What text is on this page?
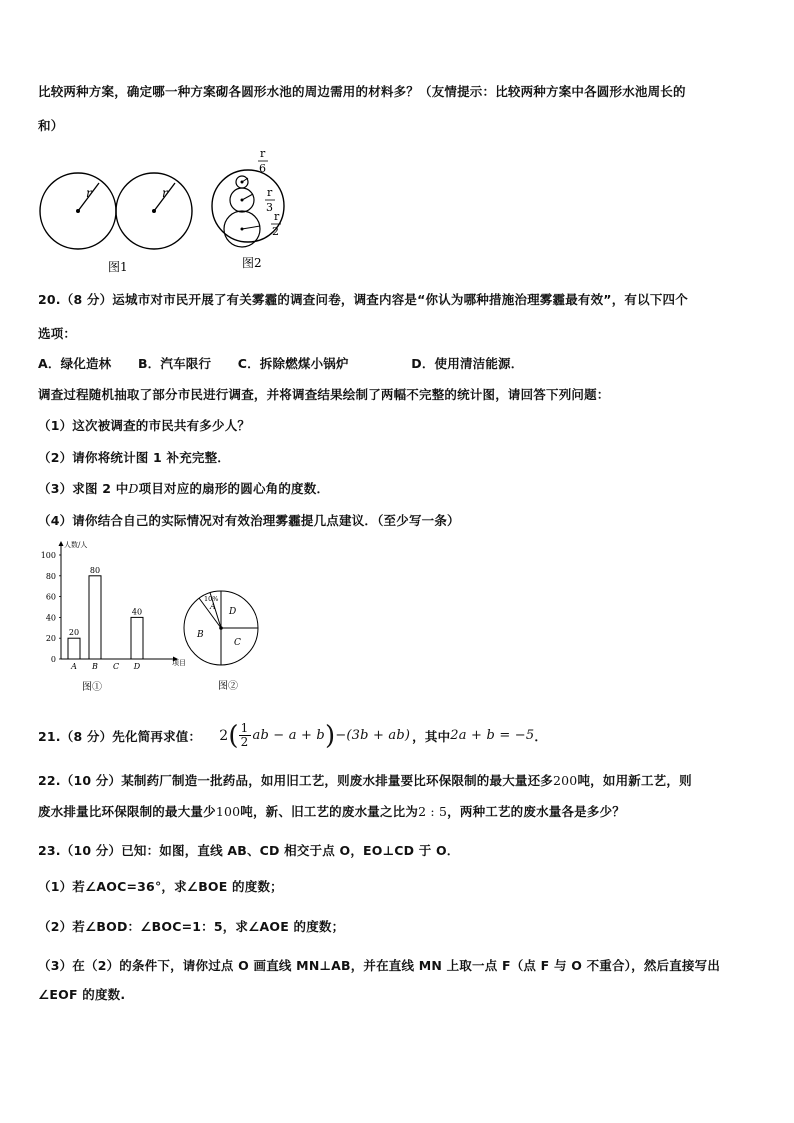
比较两种方案，确定哪一种方案砌各圆形水池的周边需用的材料多？（友情提示：比较两种方案中各圆形水池周长的
和）
r	r
图1
r
6
r
3
r
2
图2
20.（8 分）运城市对市民开展了有关雾霾的调查问卷，调查内容是“你认为哪种措施治理雾霾最有效”，有以下四个
选项：
A．绿化造林 B．汽车限行 C．拆除燃煤小锅炉	D．使用清洁能源．
调查过程随机抽取了部分市民进行调查，并将调查结果绘制了两幅不完整的统计图，请回答下列问题：
（1）这次被调查的市民共有多少人？
（2）请你将统计图 1 补充完整．
（3）求图 2 中D项目对应的扇形的圆心角的度数．
（4）请你结合自己的实际情况对有效治理雾霾提几点建议．（至少写一条）
人数/人
项目
0
20
40
60
80
100
A
20
B
80
C D
40
图①
10%
A
D
B
C
图②
21.（8 分）先化简再求值： 2 ( $\frac{1}{2}$ ab − a + b ) −(3b + ab) ，其中 2a + b = −5 ．
22.（10 分）某制药厂制造一批药品，如用旧工艺，则废水排量要比环保限制的最大量还多200吨，如用新工艺，则
废水排量比环保限制的最大量少100吨，新、旧工艺的废水量之比为2 : 5，两种工艺的废水量各是多少？
23.（10 分）已知：如图，直线 AB、CD 相交于点 O，EO⊥CD 于 O．
（1）若∠AOC=36°，求∠BOE 的度数；
（2）若∠BOD：∠BOC=1：5，求∠AOE 的度数；
（3）在（2）的条件下，请你过点 O 画直线 MN⊥AB，并在直线 MN 上取一点 F（点 F 与 O 不重合），然后直接写出
∠EOF 的度数.
